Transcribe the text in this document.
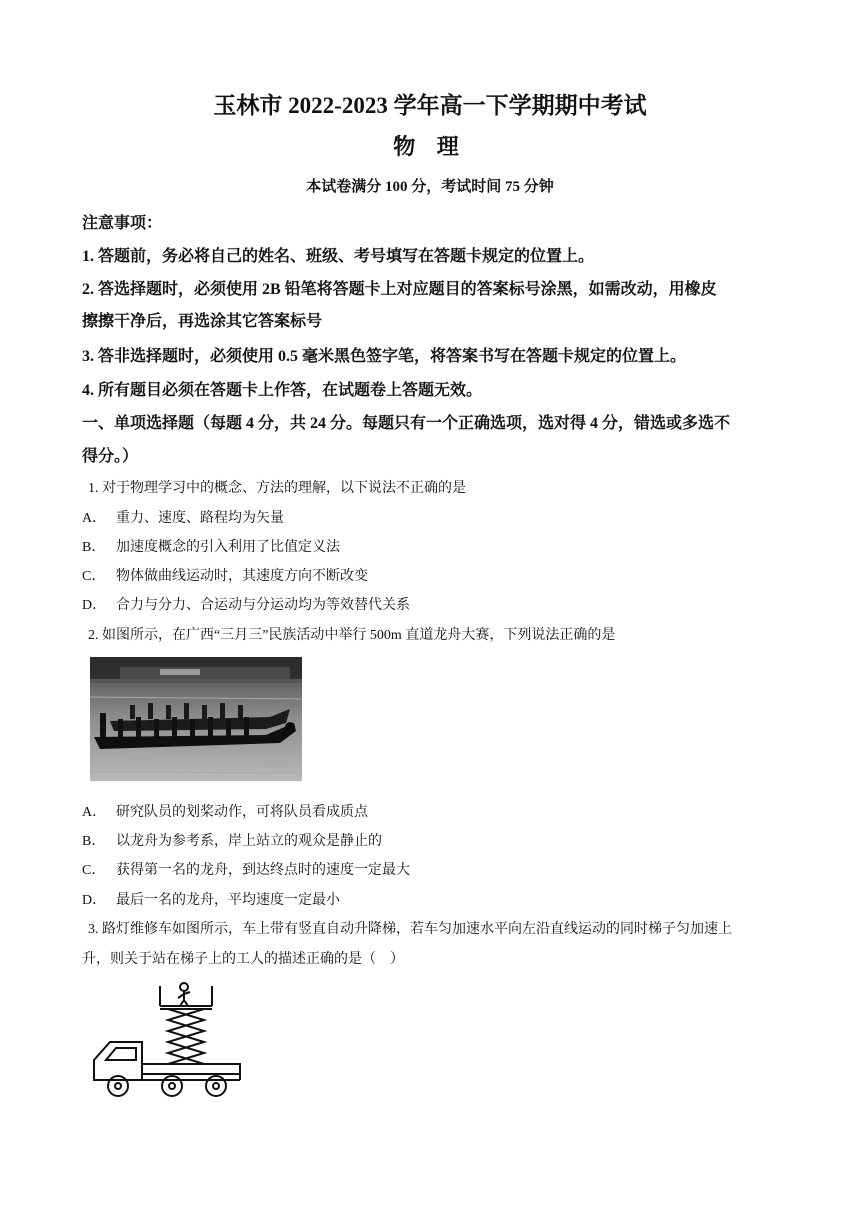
玉林市 2022-2023 学年高一下学期期中考试
物 理
本试卷满分 100 分，考试时间 75 分钟
注意事项：
1. 答题前，务必将自己的姓名、班级、考号填写在答题卡规定的位置上。
2. 答选择题时，必须使用 2B 铅笔将答题卡上对应题目的答案标号涂黑，如需改动，用橡皮
擦擦干净后，再选涂其它答案标号
3. 答非选择题时，必须使用 0.5 毫米黑色签字笔，将答案书写在答题卡规定的位置上。
4. 所有题目必须在答题卡上作答，在试题卷上答题无效。
一、单项选择题（每题 4 分，共 24 分。每题只有一个正确选项，选对得 4 分，错选或多选不
得分。）
1. 对于物理学习中的概念、方法的理解，以下说法不正确的是
A． 重力、速度、路程均为矢量
B． 加速度概念的引入利用了比值定义法
C． 物体做曲线运动时，其速度方向不断改变
D． 合力与分力、合运动与分运动均为等效替代关系
2. 如图所示，在广西“三月三”民族活动中举行 500m 直道龙舟大赛，下列说法正确的是
A． 研究队员的划桨动作，可将队员看成质点
B． 以龙舟为参考系，岸上站立的观众是静止的
C． 获得第一名的龙舟，到达终点时的速度一定最大
D． 最后一名的龙舟，平均速度一定最小
3. 路灯维修车如图所示，车上带有竖直自动升降梯，若车匀加速水平向左沿直线运动的同时梯子匀加速上
升，则关于站在梯子上的工人的描述正确的是（　）
